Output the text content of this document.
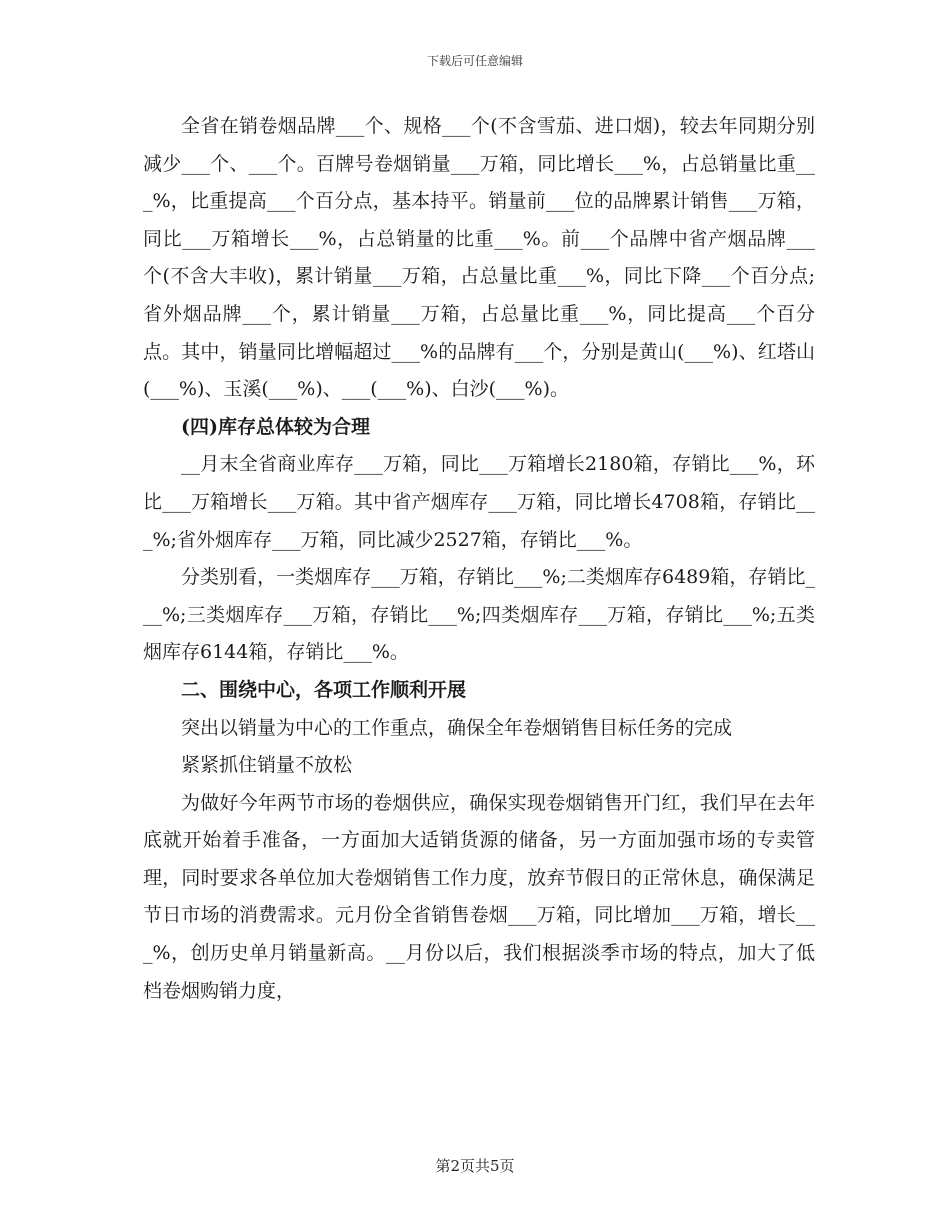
下载后可任意编辑

全省在销卷烟品牌___个、规格___个(不含雪茄、进口烟)，较去年同期分别减少___个、___个。百牌号卷烟销量___万箱，同比增长___%，占总销量比重___%，比重提高___个百分点，基本持平。销量前___位的品牌累计销售___万箱，同比___万箱增长___%，占总销量的比重___%。前___个品牌中省产烟品牌___个(不含大丰收)，累计销量___万箱，占总量比重___%，同比下降___个百分点;省外烟品牌___个，累计销量___万箱，占总量比重___%，同比提高___个百分点。其中，销量同比增幅超过___%的品牌有___个，分别是黄山(___%)、红塔山(___%)、玉溪(___%)、___(___%)、白沙(___%)。

(四)库存总体较为合理

__月末全省商业库存___万箱，同比___万箱增长2180箱，存销比___%，环比___万箱增长___万箱。其中省产烟库存___万箱，同比增长4708箱，存销比___%;省外烟库存___万箱，同比减少2527箱，存销比___%。

分类别看，一类烟库存___万箱，存销比___%;二类烟库存6489箱，存销比___%;三类烟库存___万箱，存销比___%;四类烟库存___万箱，存销比___%;五类烟库存6144箱，存销比___%。

二、围绕中心，各项工作顺利开展

突出以销量为中心的工作重点，确保全年卷烟销售目标任务的完成

紧紧抓住销量不放松

为做好今年两节市场的卷烟供应，确保实现卷烟销售开门红，我们早在去年底就开始着手准备，一方面加大适销货源的储备，另一方面加强市场的专卖管理，同时要求各单位加大卷烟销售工作力度，放弃节假日的正常休息，确保满足节日市场的消费需求。元月份全省销售卷烟___万箱，同比增加___万箱，增长___%，创历史单月销量新高。__月份以后，我们根据淡季市场的特点，加大了低档卷烟购销力度，

第2页共5页
